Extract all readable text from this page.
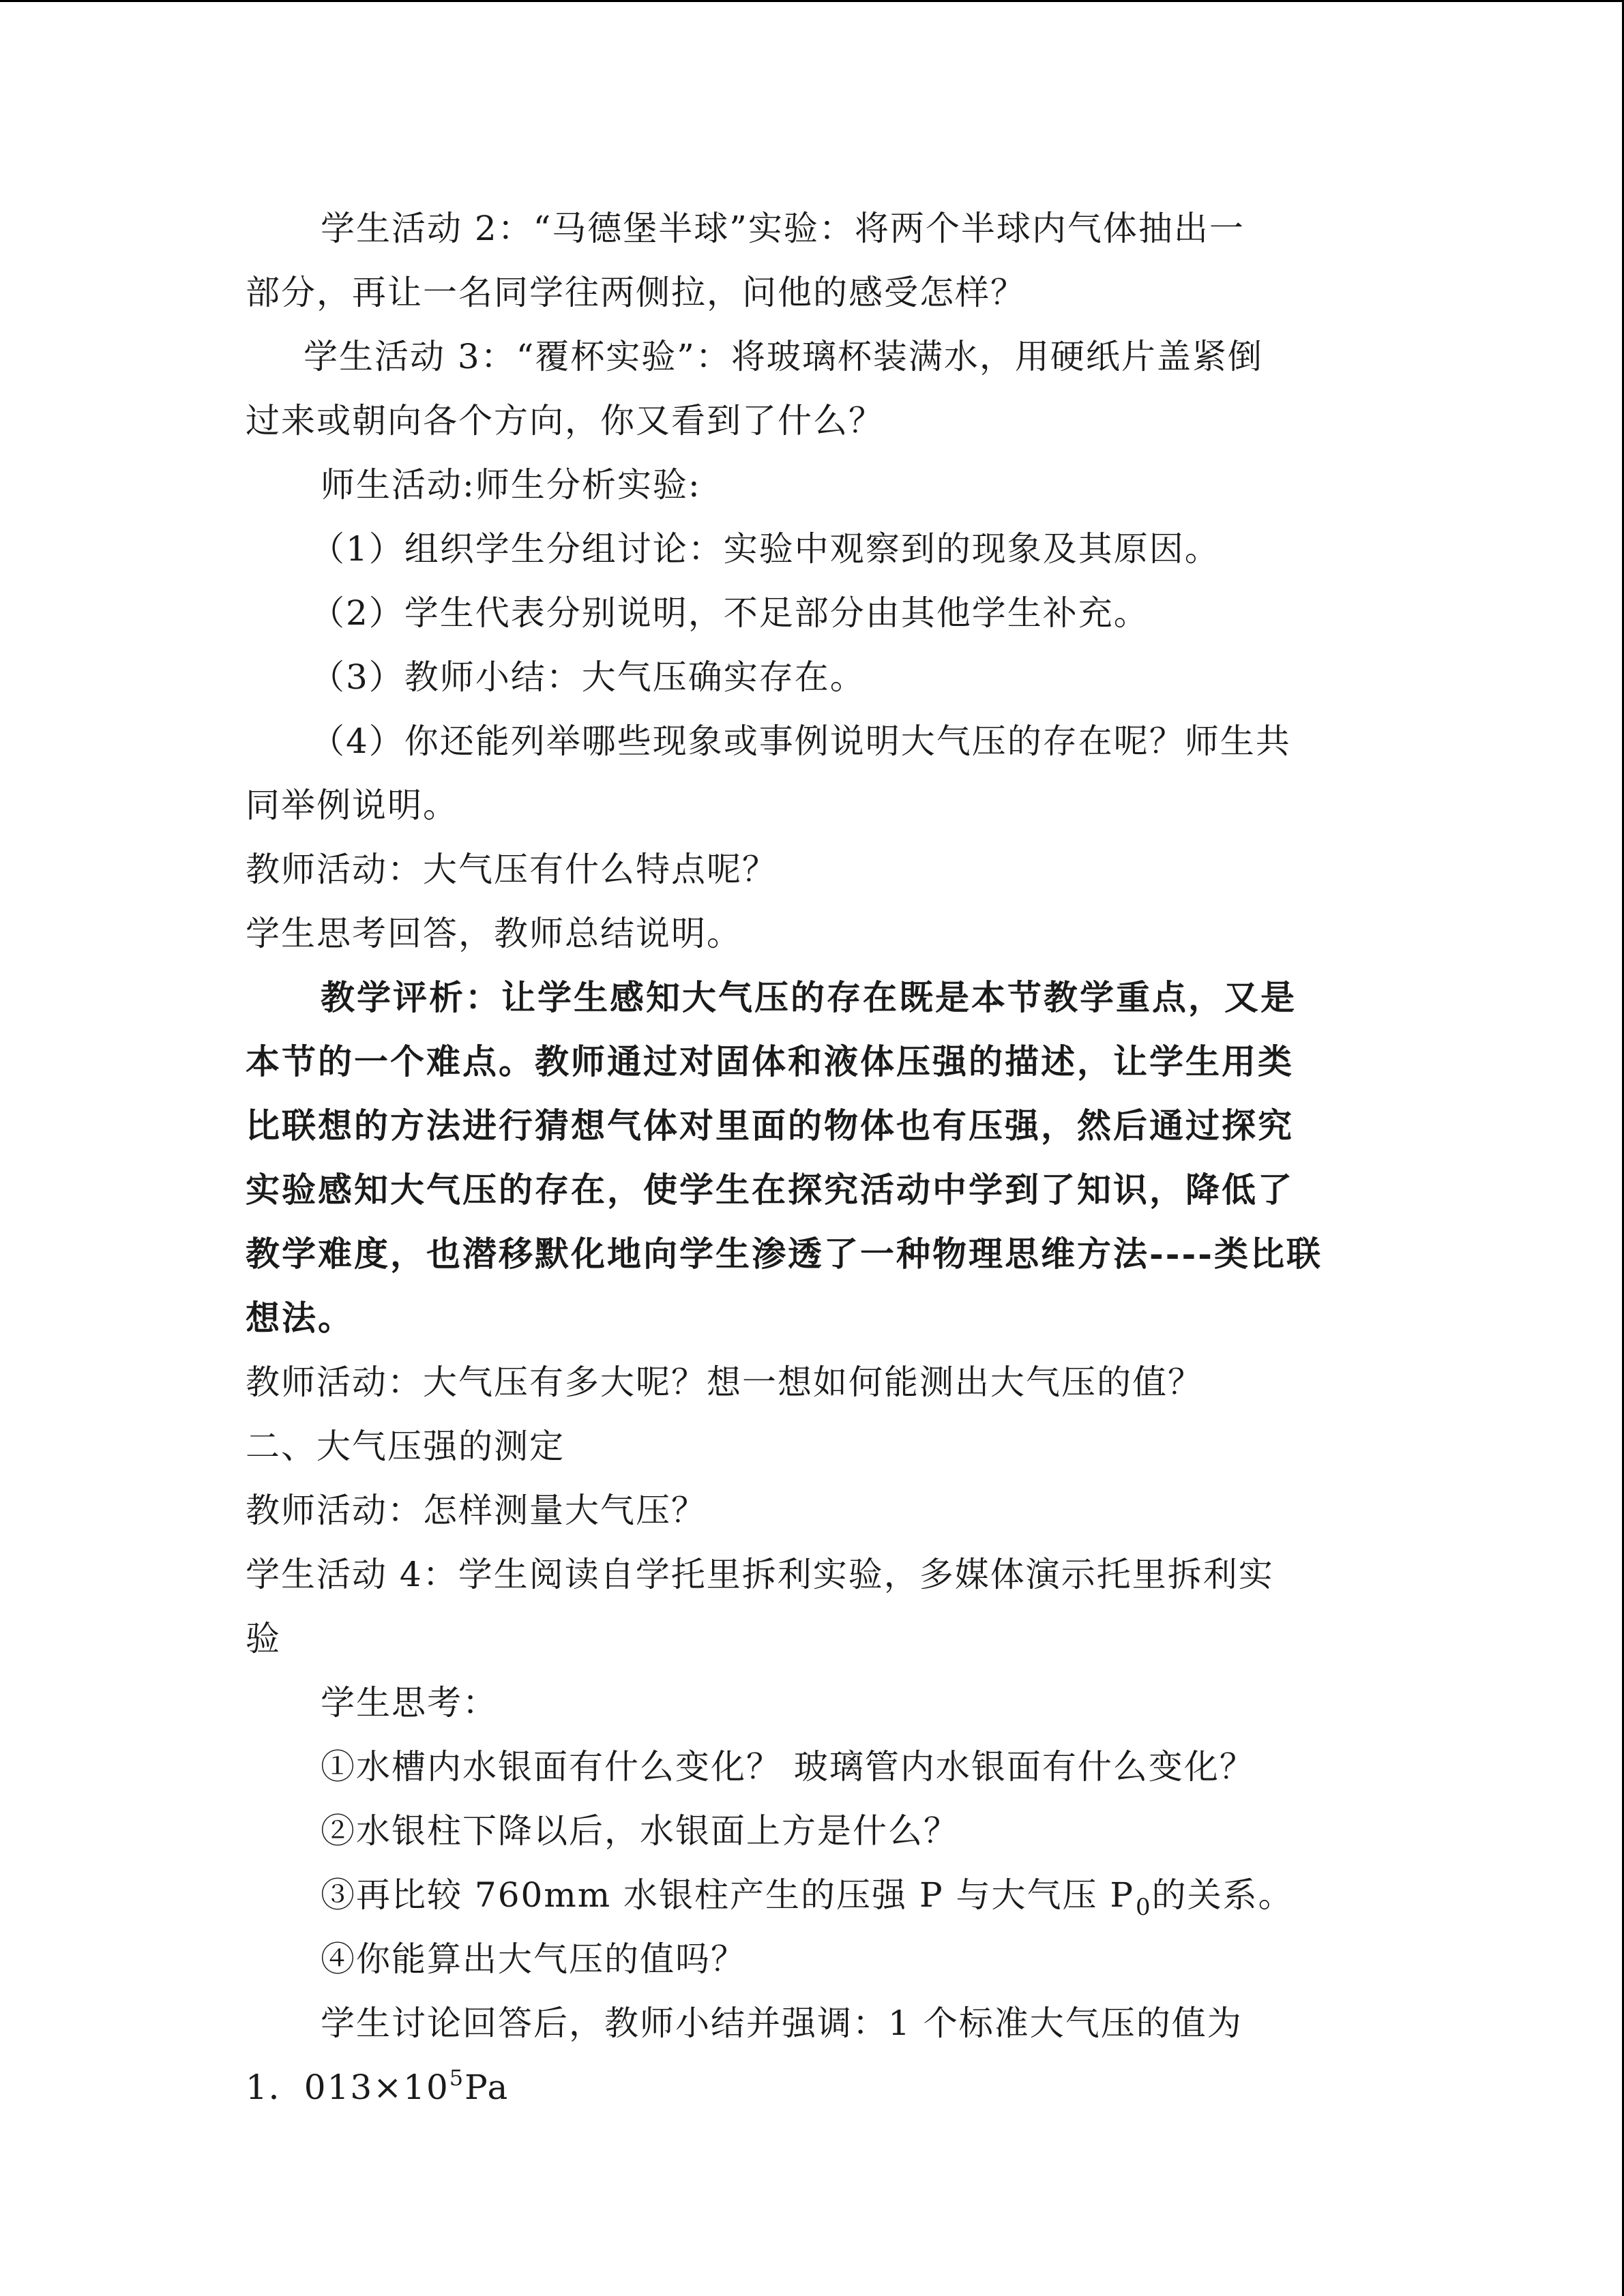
学生活动 2：“马德堡半球”实验：将两个半球内气体抽出一
部分，再让一名同学往两侧拉，问他的感受怎样？
学生活动 3：“覆杯实验”：将玻璃杯装满水，用硬纸片盖紧倒
过来或朝向各个方向，你又看到了什么？
师生活动:师生分析实验:
（1）组织学生分组讨论：实验中观察到的现象及其原因。
（2）学生代表分别说明，不足部分由其他学生补充。
（3）教师小结：大气压确实存在。
（4）你还能列举哪些现象或事例说明大气压的存在呢？师生共
同举例说明。
教师活动：大气压有什么特点呢？
学生思考回答，教师总结说明。
教学评析：让学生感知大气压的存在既是本节教学重点，又是
本节的一个难点。教师通过对固体和液体压强的描述，让学生用类
比联想的方法进行猜想气体对里面的物体也有压强，然后通过探究
实验感知大气压的存在，使学生在探究活动中学到了知识，降低了
教学难度，也潜移默化地向学生渗透了一种物理思维方法----类比联
想法。
教师活动：大气压有多大呢？想一想如何能测出大气压的值？
二、大气压强的测定
教师活动：怎样测量大气压？
学生活动 4：学生阅读自学托里拆利实验，多媒体演示托里拆利实
验
学生思考：
①水槽内水银面有什么变化？ 玻璃管内水银面有什么变化？
②水银柱下降以后，水银面上方是什么？
③再比较 760mm 水银柱产生的压强 P 与大气压 $P_0$的关系。
④你能算出大气压的值吗？
学生讨论回答后，教师小结并强调：1 个标准大气压的值为
1．$013\times 10^5Pa$
